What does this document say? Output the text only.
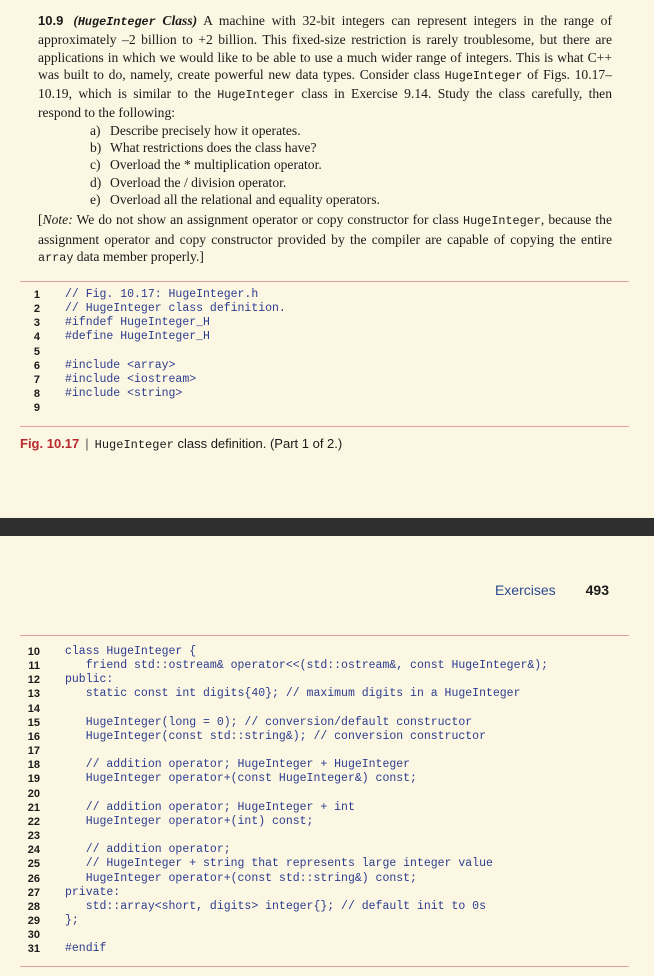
10.9 (HugeInteger Class) A machine with 32-bit integers can represent integers in the range of approximately –2 billion to +2 billion. This fixed-size restriction is rarely troublesome, but there are applications in which we would like to be able to use a much wider range of integers. This is what C++ was built to do, namely, create powerful new data types. Consider class HugeInteger of Figs. 10.17–10.19, which is similar to the HugeInteger class in Exercise 9.14. Study the class carefully, then respond to the following:

a) Describe precisely how it operates.
b) What restrictions does the class have?
c) Overload the * multiplication operator.
d) Overload the / division operator.
e) Overload all the relational and equality operators.

[Note: We do not show an assignment operator or copy constructor for class HugeInteger, because the assignment operator and copy constructor provided by the compiler are capable of copying the entire array data member properly.]

1	// Fig. 10.17: HugeInteger.h
2	// HugeInteger class definition.
3	#ifndef HugeInteger_H
4	#define HugeInteger_H
5
6	#include <array>
7	#include <iostream>
8	#include <string>
9
Fig. 10.17 | HugeInteger class definition. (Part 1 of 2.)
Exercises 493
10	class HugeInteger {
11	friend std::ostream& operator<<(std::ostream&, const HugeInteger&);
12	public:
13	static const int digits{40}; // maximum digits in a HugeInteger
14
15	HugeInteger(long = 0); // conversion/default constructor
16	HugeInteger(const std::string&); // conversion constructor
17
18	// addition operator; HugeInteger + HugeInteger
19	HugeInteger operator+(const HugeInteger&) const;
20
21	// addition operator; HugeInteger + int
22	HugeInteger operator+(int) const;
23
24	// addition operator;
25	// HugeInteger + string that represents large integer value
26	HugeInteger operator+(const std::string&) const;
27	private:
28	std::array<short, digits> integer{}; // default init to 0s
29	};
30
31	#endif
